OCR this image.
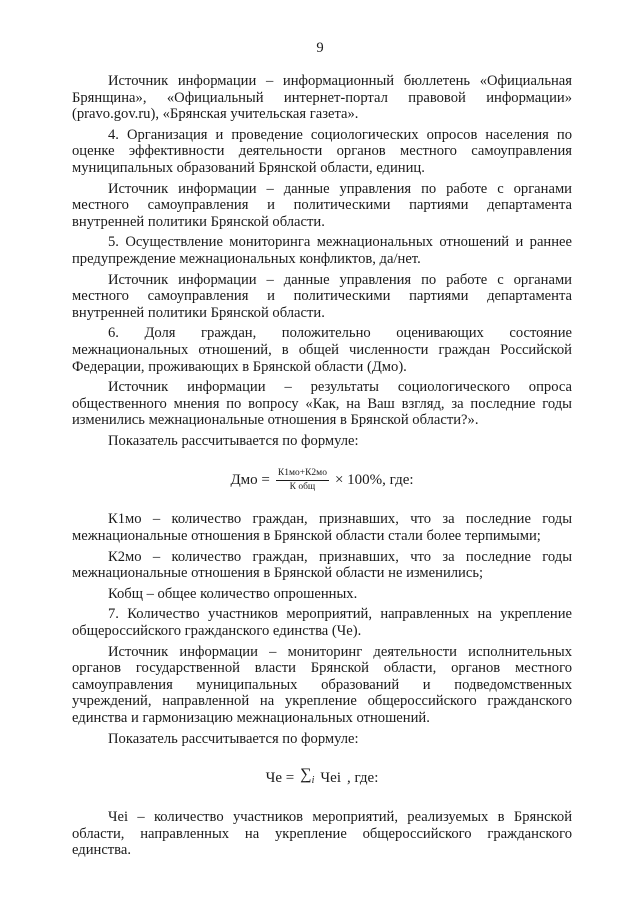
9

Источник информации – информационный бюллетень «Официальная Брянщина», «Официальный интернет-портал правовой информации» (pravo.gov.ru), «Брянская учительская газета».

4. Организация и проведение социологических опросов населения по оценке эффективности деятельности органов местного самоуправления муниципальных образований Брянской области, единиц.

Источник информации – данные управления по работе с органами местного самоуправления и политическими партиями департамента внутренней политики Брянской области.

5. Осуществление мониторинга межнациональных отношений и раннее предупреждение межнациональных конфликтов, да/нет.

Источник информации – данные управления по работе с органами местного самоуправления и политическими партиями департамента внутренней политики Брянской области.

6. Доля граждан, положительно оценивающих состояние межнациональных отношений, в общей численности граждан Российской Федерации, проживающих в Брянской области (Дмо).

Источник информации – результаты социологического опроса общественного мнения по вопросу «Как, на Ваш взгляд, за последние годы изменились межнациональные отношения в Брянской области?».

Показатель рассчитывается по формуле:

Дмо = $\frac{К1мо+К2мо}{\text{К общ}} \times 100\%$, где:

К1мо – количество граждан, признавших, что за последние годы межнациональные отношения в Брянской области стали более терпимыми;

К2мо – количество граждан, признавших, что за последние годы межнациональные отношения в Брянской области не изменились;

Кобщ – общее количество опрошенных.

7. Количество участников мероприятий, направленных на укрепление общероссийского гражданского единства (Че).

Источник информации – мониторинг деятельности исполнительных органов государственной власти Брянской области, органов местного самоуправления муниципальных образований и подведомственных учреждений, направленной на укрепление общероссийского гражданского единства и гармонизацию межнациональных отношений.

Показатель рассчитывается по формуле:

Че = $\sum_i$ Чеi , где:

Чеi – количество участников мероприятий, реализуемых в Брянской области, направленных на укрепление общероссийского гражданского единства.
